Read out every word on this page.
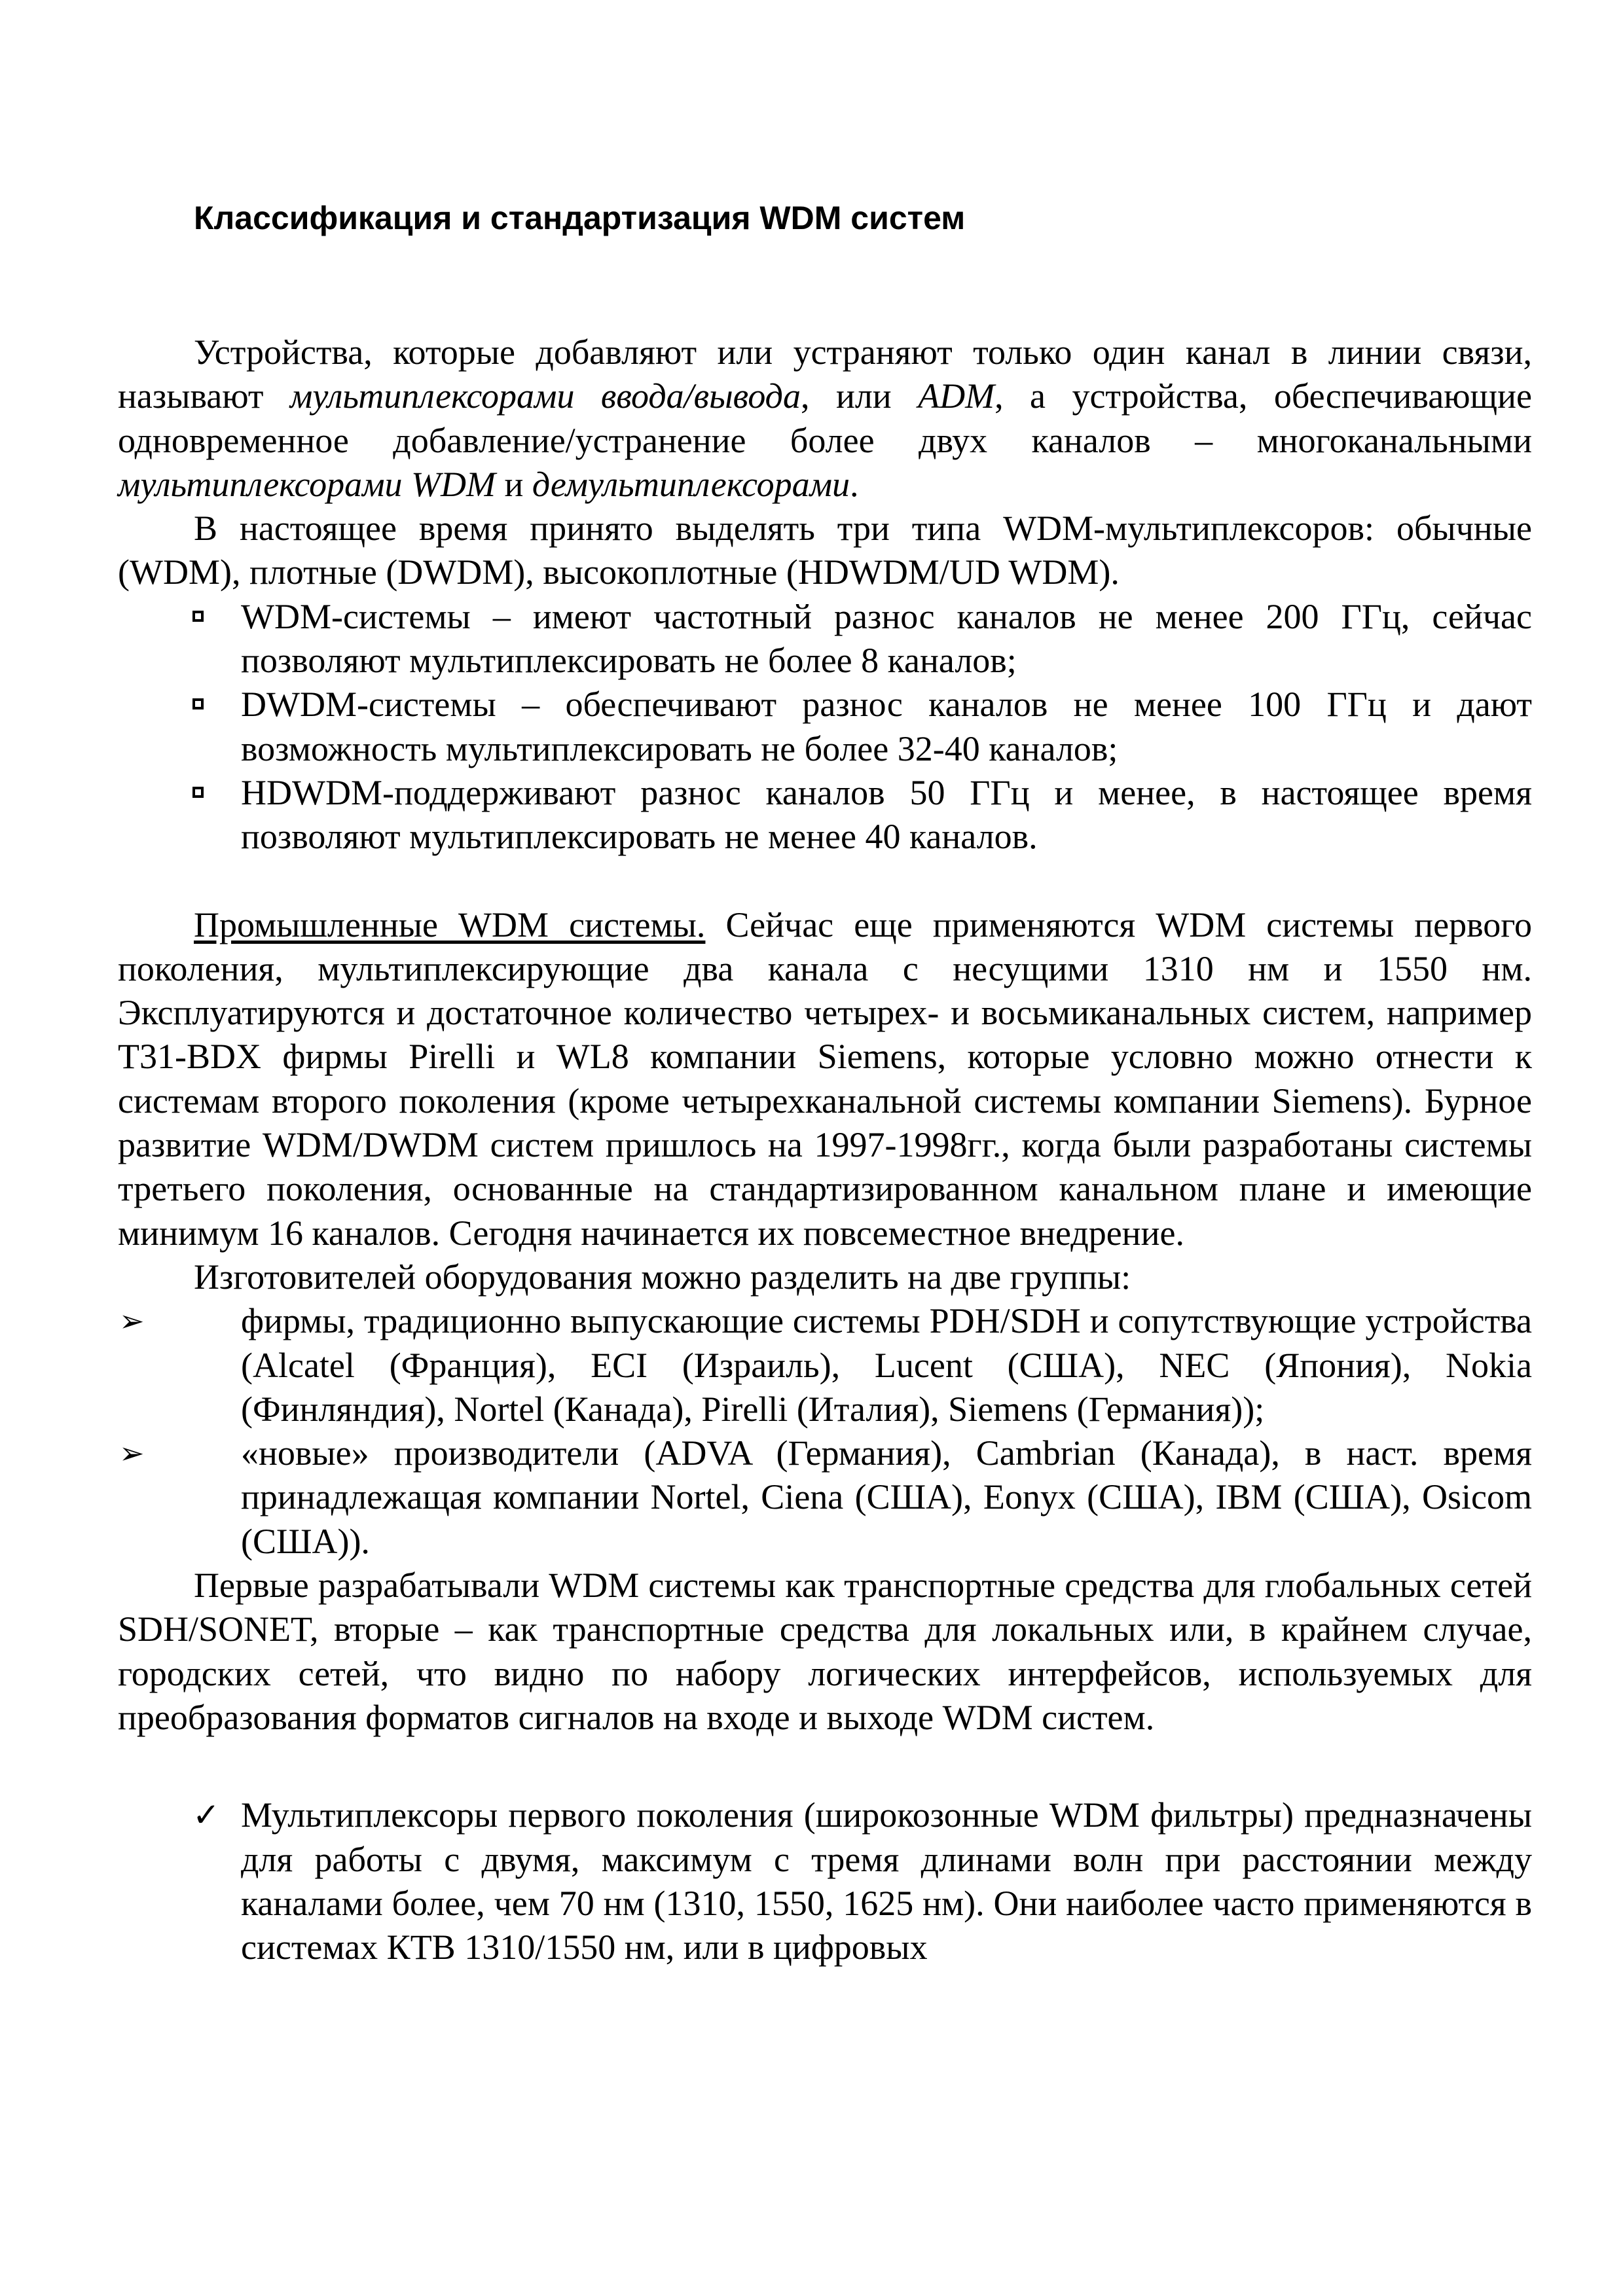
Классификация и стандартизация WDM систем

Устройства, которые добавляют или устраняют только один канал в линии связи, называют мультиплексорами ввода/вывода, или ADM, а устройства, обеспечивающие одновременное добавление/устранение более двух каналов – многоканальными мультиплексорами WDM и демультиплексорами.

В настоящее время принято выделять три типа WDM-мультиплексоров: обычные (WDM), плотные (DWDM), высокоплотные (HDWDM/UD WDM).

WDM-системы – имеют частотный разнос каналов не менее 200 ГГц, сейчас позволяют мультиплексировать не более 8 каналов;
DWDM-системы – обеспечивают разнос каналов не менее 100 ГГц и дают возможность мультиплексировать не более 32-40 каналов;
HDWDM-поддерживают разнос каналов 50 ГГц и менее, в настоящее время позволяют мультиплексировать не менее 40 каналов.

Промышленные WDM системы. Сейчас еще применяются WDM системы первого поколения, мультиплексирующие два канала с несущими 1310 нм и 1550 нм. Эксплуатируются и достаточное количество четырех- и восьмиканальных систем, например T31-BDX фирмы Pirelli и WL8 компании Siemens, которые условно можно отнести к системам второго поколения (кроме четырехканальной системы компании Siemens). Бурное развитие WDM/DWDM систем пришлось на 1997-1998гг., когда были разработаны системы третьего поколения, основанные на стандартизированном канальном плане и имеющие минимум 16 каналов. Сегодня начинается их повсеместное внедрение.

Изготовителей оборудования можно разделить на две группы:

➢	фирмы, традиционно выпускающие системы PDH/SDH и сопутствующие устройства (Alcatel (Франция), ECI (Израиль), Lucent (США), NEC (Япония), Nokia (Финляндия), Nortel (Канада), Pirelli (Италия), Siemens (Германия));
➢	«новые» производители (ADVA (Германия), Cambrian (Канада), в наст. время принадлежащая компании Nortel, Ciena (США), Eonyx (США), IBM (США), Osicom (США)).

Первые разрабатывали WDM системы как транспортные средства для глобальных сетей SDH/SONET, вторые – как транспортные средства для локальных или, в крайнем случае, городских сетей, что видно по набору логических интерфейсов, используемых для преобразования форматов сигналов на входе и выходе WDM систем.

✓ Мультиплексоры первого поколения (широкозонные WDM фильтры) предназначены для работы с двумя, максимум с тремя длинами волн при расстоянии между каналами более, чем 70 нм (1310, 1550, 1625 нм). Они наиболее часто применяются в системах КТВ 1310/1550 нм, или в цифровых
